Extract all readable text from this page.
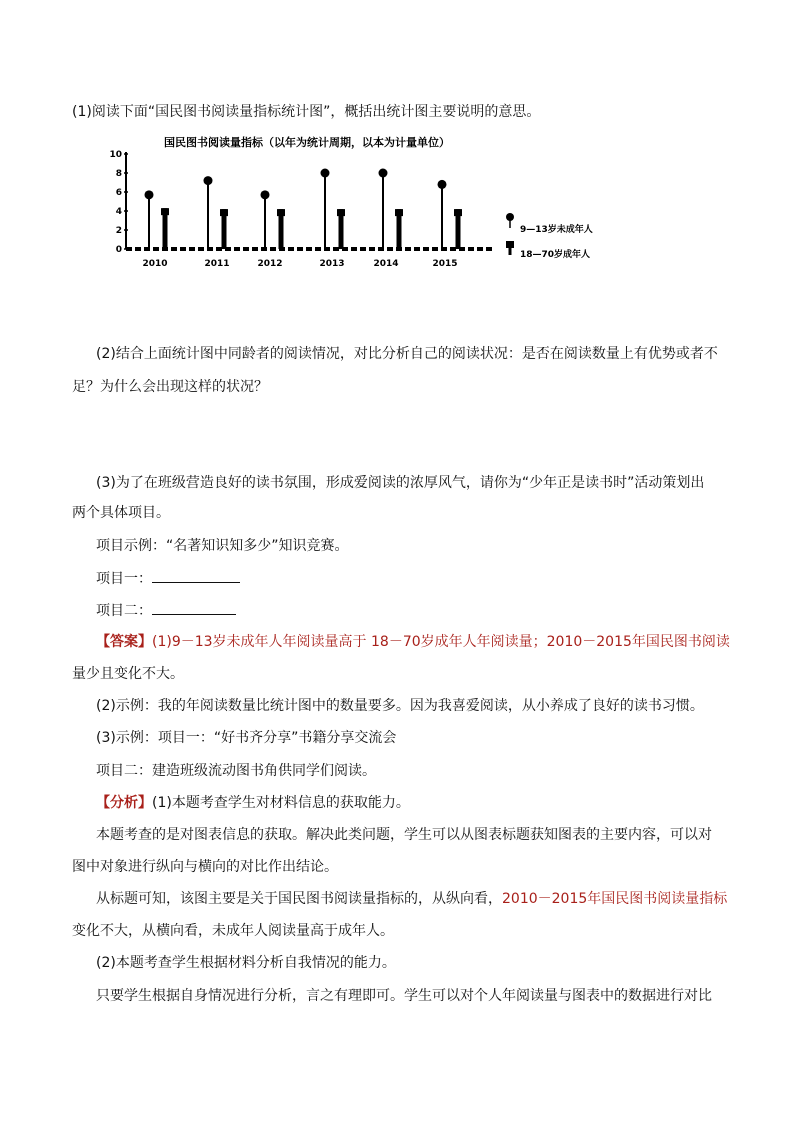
(1)阅读下面“国民图书阅读量指标统计图”，概括出统计图主要说明的意思。
国民图书阅读量指标（以年为统计周期，以本为计量单位）
10
8
6
4
2
0
2010	2011	2012	2013	2014	2015
9—13岁未成年人
18—70岁成年人
(2)结合上面统计图中同龄者的阅读情况，对比分析自己的阅读状况：是否在阅读数量上有优势或者不
足？为什么会出现这样的状况？
(3)为了在班级营造良好的读书氛围，形成爱阅读的浓厚风气，请你为“少年正是读书时”活动策划出
两个具体项目。
项目示例：“名著知识知多少”知识竞赛。
项目一：
项目二：
【答案】(1)9－13岁未成年人年阅读量高于 18－70岁成年人年阅读量；2010－2015年国民图书阅读
量少且变化不大。
(2)示例：我的年阅读数量比统计图中的数量要多。因为我喜爱阅读，从小养成了良好的读书习惯。
(3)示例：项目一：“好书齐分享”书籍分享交流会
项目二：建造班级流动图书角供同学们阅读。
【分析】(1)本题考查学生对材料信息的获取能力。
本题考查的是对图表信息的获取。解决此类问题，学生可以从图表标题获知图表的主要内容，可以对
图中对象进行纵向与横向的对比作出结论。
从标题可知，该图主要是关于国民图书阅读量指标的，从纵向看，2010－2015年国民图书阅读量指标
变化不大，从横向看，未成年人阅读量高于成年人。
(2)本题考查学生根据材料分析自我情况的能力。
只要学生根据自身情况进行分析，言之有理即可。学生可以对个人年阅读量与图表中的数据进行对比
